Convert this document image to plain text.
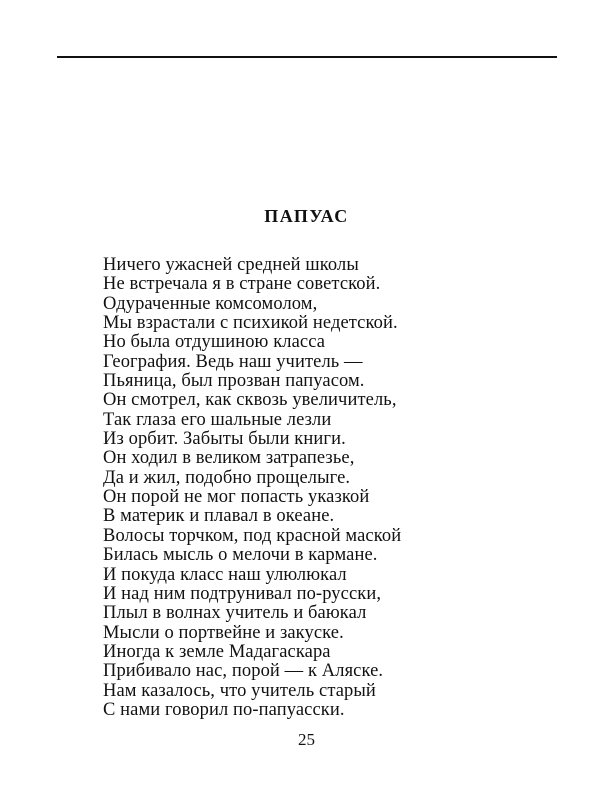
ПАПУАС
Ничего ужасней средней школы
Не встречала я в стране советской.
Одураченные комсомолом,
Мы взрастали с психикой недетской.
Но была отдушиною класса
География. Ведь наш учитель —
Пьяница, был прозван папуасом.
Он смотрел, как сквозь увеличитель,
Так глаза его шальные лезли
Из орбит. Забыты были книги.
Он ходил в великом затрапезье,
Да и жил, подобно прощелыге.
Он порой не мог попасть указкой
В материк и плавал в океане.
Волосы торчком, под красной маской
Билась мысль о мелочи в кармане.
И покуда класс наш улюлюкал
И над ним подтрунивал по-русски,
Плыл в волнах учитель и баюкал
Мысли о портвейне и закуске.
Иногда к земле Мадагаскара
Прибивало нас, порой — к Аляске.
Нам казалось, что учитель старый
С нами говорил по-папуасски.
25
